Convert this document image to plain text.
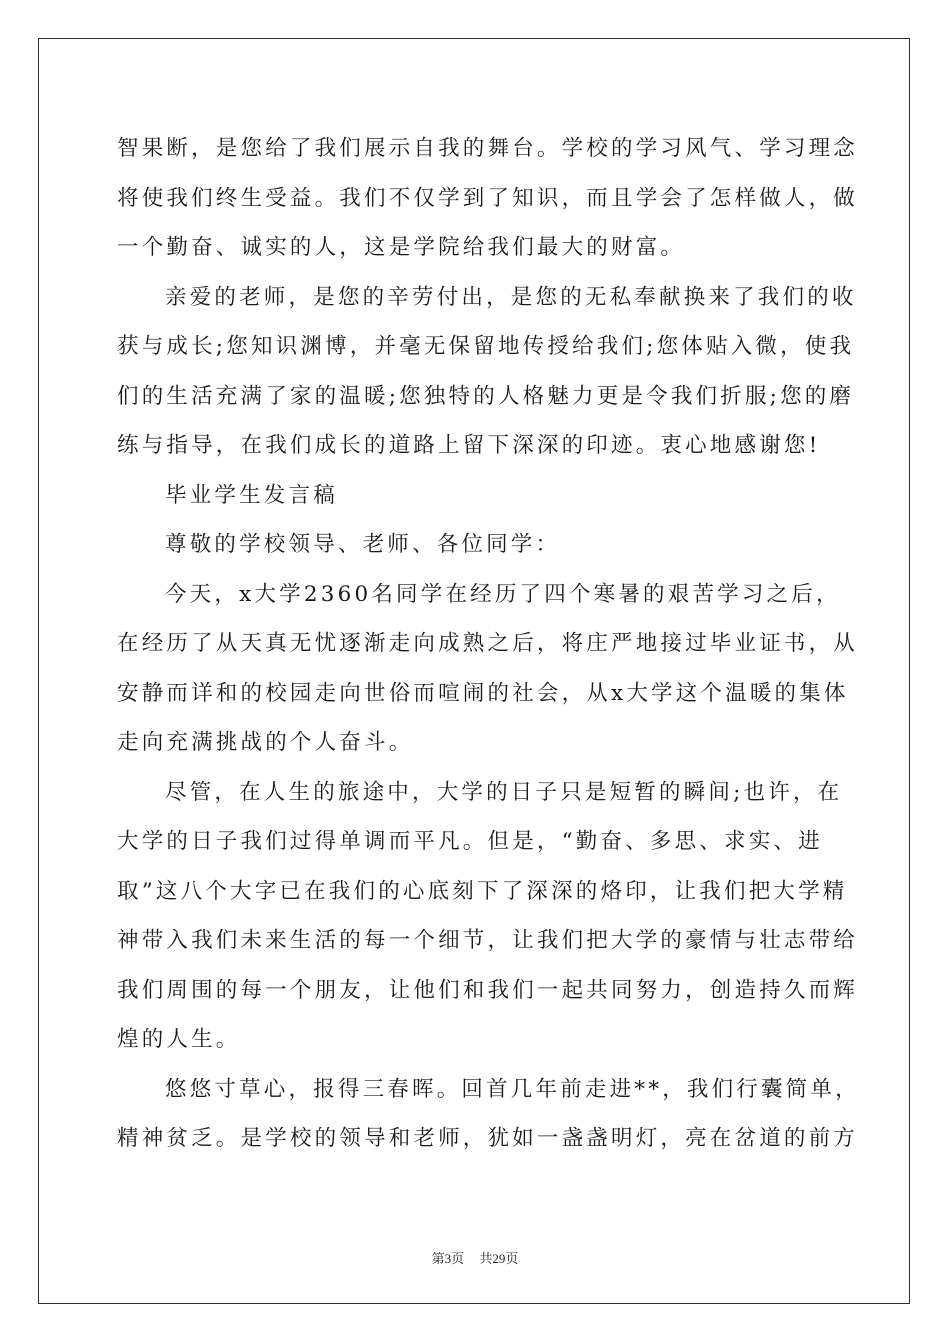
智果断，是您给了我们展示自我的舞台。学校的学习风气、学习理念
将使我们终生受益。我们不仅学到了知识，而且学会了怎样做人，做
一个勤奋、诚实的人，这是学院给我们最大的财富。
亲爱的老师，是您的辛劳付出，是您的无私奉献换来了我们的收
获与成长;您知识渊博，并毫无保留地传授给我们;您体贴入微，使我
们的生活充满了家的温暖;您独特的人格魅力更是令我们折服;您的磨
练与指导，在我们成长的道路上留下深深的印迹。衷心地感谢您!
毕业学生发言稿
尊敬的学校领导、老师、各位同学：
今天，x大学2360名同学在经历了四个寒暑的艰苦学习之后，
在经历了从天真无忧逐渐走向成熟之后，将庄严地接过毕业证书，从
安静而详和的校园走向世俗而喧闹的社会，从x大学这个温暖的集体
走向充满挑战的个人奋斗。
尽管，在人生的旅途中，大学的日子只是短暂的瞬间;也许，在
大学的日子我们过得单调而平凡。但是，“勤奋、多思、求实、进
取”这八个大字已在我们的心底刻下了深深的烙印，让我们把大学精
神带入我们未来生活的每一个细节，让我们把大学的豪情与壮志带给
我们周围的每一个朋友，让他们和我们一起共同努力，创造持久而辉
煌的人生。
悠悠寸草心，报得三春晖。回首几年前走进**，我们行囊简单，
精神贫乏。是学校的领导和老师，犹如一盏盏明灯，亮在岔道的前方
第3页 共29页
